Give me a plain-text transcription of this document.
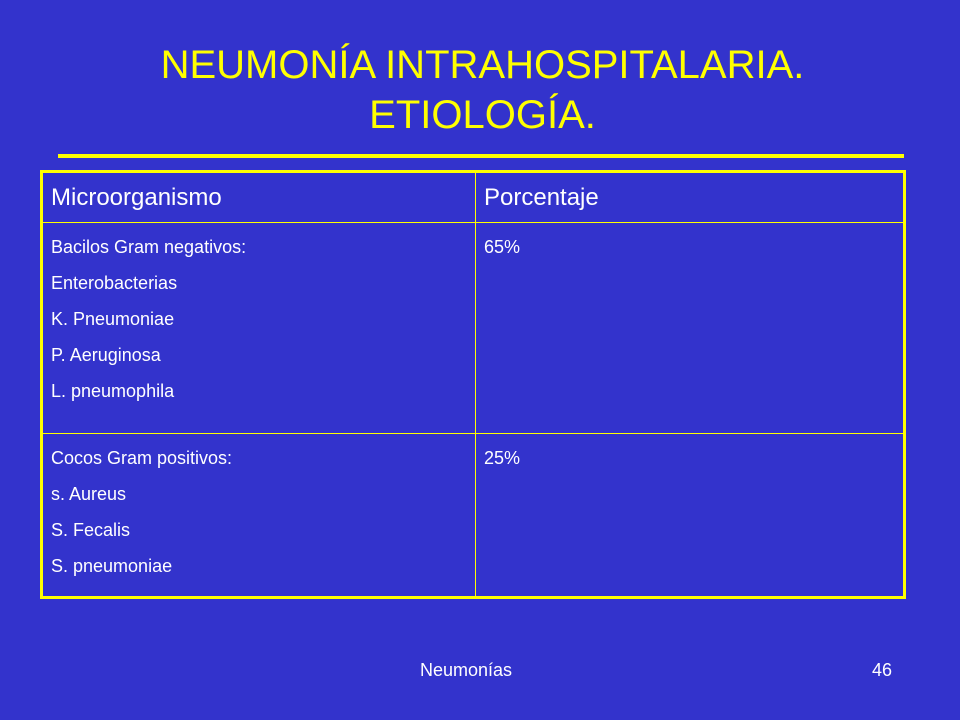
NEUMONÍA INTRAHOSPITALARIA.
ETIOLOGÍA.
Microorganismo	Porcentaje

Bacilos Gram negativos:
Enterobacterias
K. Pneumoniae
P. Aeruginosa
L. pneumophila	65%

Cocos Gram positivos:
s. Aureus
S. Fecalis
S. pneumoniae	25%
Neumonías	46
